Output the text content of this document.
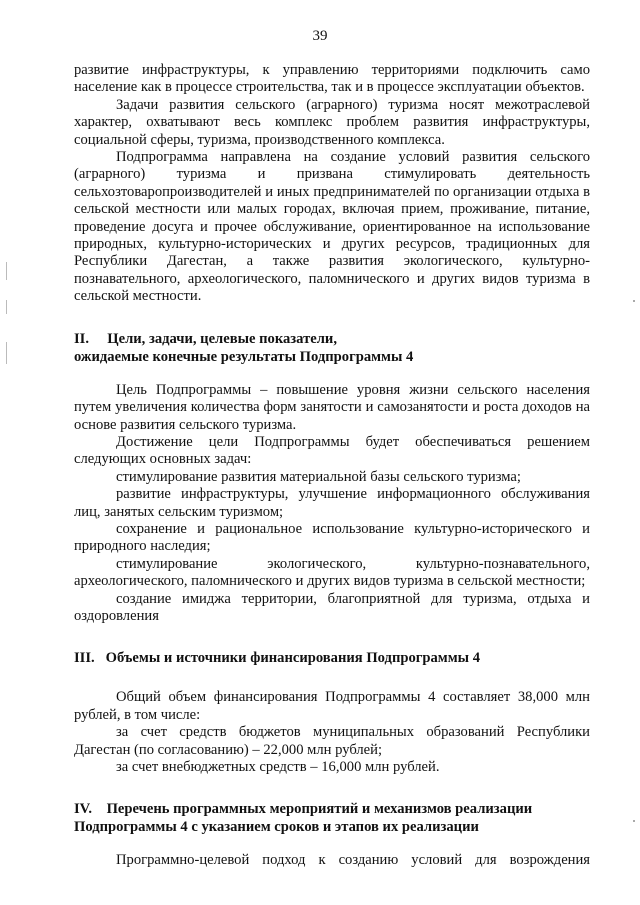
39

развитие инфраструктуры, к управлению территориями подключить само население как в процессе строительства, так и в процессе эксплуатации объектов.

Задачи развития сельского (аграрного) туризма носят межотраслевой характер, охватывают весь комплекс проблем развития инфраструктуры, социальной сферы, туризма, производственного комплекса.

Подпрограмма направлена на создание условий развития сельского (аграрного) туризма и призвана стимулировать деятельность сельхозтоваропроизводителей и иных предпринимателей по организации отдыха в сельской местности или малых городах, включая прием, проживание, питание, проведение досуга и прочее обслуживание, ориентированное на использование природных, культурно-исторических и других ресурсов, традиционных для Республики Дагестан, а также развития экологического, культурно-познавательного, археологического, паломнического и других видов туризма в сельской местности.

II.     Цели, задачи, целевые показатели,
ожидаемые конечные результаты Подпрограммы 4

Цель Подпрограммы – повышение уровня жизни сельского населения путем увеличения количества форм занятости и самозанятости и роста доходов на основе развития сельского туризма.

Достижение цели Подпрограммы будет обеспечиваться решением следующих основных задач:

стимулирование развития материальной базы сельского туризма;

развитие инфраструктуры, улучшение информационного обслуживания лиц, занятых сельским туризмом;

сохранение и рациональное использование культурно-исторического и природного наследия;

стимулирование экологического, культурно-познавательного, археологического, паломнического и других видов туризма в сельской местности;

создание имиджа территории, благоприятной для туризма, отдыха и оздоровления

III.   Объемы и источники финансирования Подпрограммы 4

Общий объем финансирования Подпрограммы 4 составляет 38,000 млн рублей, в том числе:

за счет средств бюджетов муниципальных образований Республики Дагестан (по согласованию) – 22,000 млн рублей;

за счет внебюджетных средств – 16,000 млн рублей.

IV.    Перечень программных мероприятий и механизмов реализации
Подпрограммы 4 с указанием сроков и этапов их реализации

Программно-целевой подход к созданию условий для возрождения
